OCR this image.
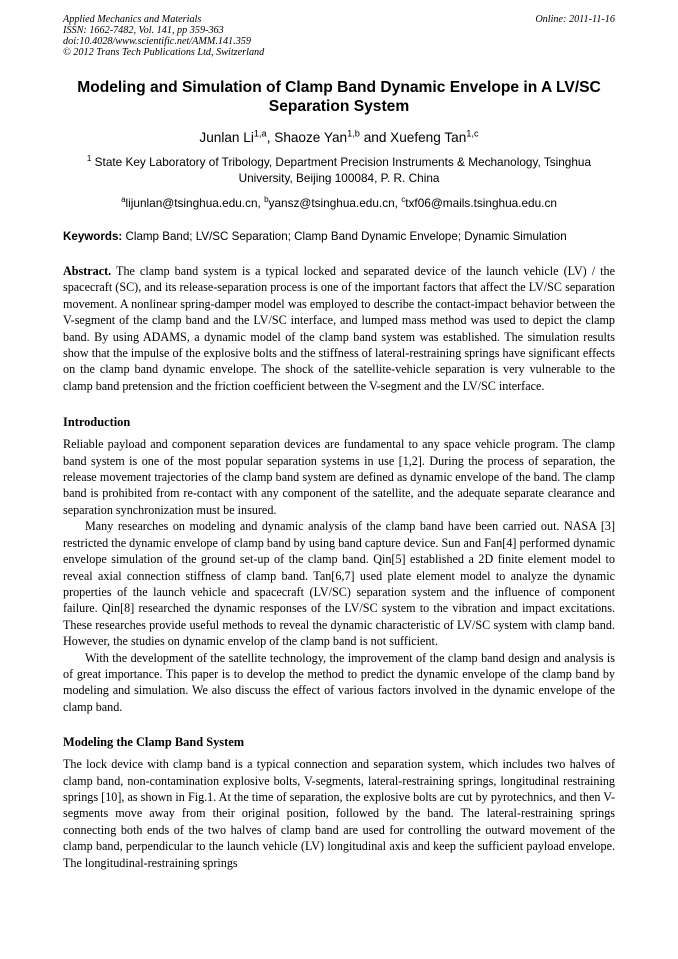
Applied Mechanics and Materials
ISSN: 1662-7482, Vol. 141, pp 359-363
doi:10.4028/www.scientific.net/AMM.141.359
© 2012 Trans Tech Publications Ltd, Switzerland
Online: 2011-11-16
Modeling and Simulation of Clamp Band Dynamic Envelope in A LV/SC Separation System
Junlan Li$^{1,a}$, Shaoze Yan$^{1,b}$ and Xuefeng Tan$^{1,c}$
$^1$ State Key Laboratory of Tribology, Department Precision Instruments & Mechanology, Tsinghua University, Beijing 100084, P. R. China
$^a$lijunlan@tsinghua.edu.cn, $^b$yansz@tsinghua.edu.cn, $^c$txf06@mails.tsinghua.edu.cn
Keywords: Clamp Band; LV/SC Separation; Clamp Band Dynamic Envelope; Dynamic Simulation
Abstract. The clamp band system is a typical locked and separated device of the launch vehicle (LV) / the spacecraft (SC), and its release-separation process is one of the important factors that affect the LV/SC separation movement. A nonlinear spring-damper model was employed to describe the contact-impact behavior between the V-segment of the clamp band and the LV/SC interface, and lumped mass method was used to depict the clamp band. By using ADAMS, a dynamic model of the clamp band system was established. The simulation results show that the impulse of the explosive bolts and the stiffness of lateral-restraining springs have significant effects on the clamp band dynamic envelope. The shock of the satellite-vehicle separation is very vulnerable to the clamp band pretension and the friction coefficient between the V-segment and the LV/SC interface.
Introduction

Reliable payload and component separation devices are fundamental to any space vehicle program. The clamp band system is one of the most popular separation systems in use [1,2]. During the process of separation, the release movement trajectories of the clamp band system are defined as dynamic envelope of the band. The clamp band is prohibited from re-contact with any component of the satellite, and the adequate separate clearance and separation synchronization must be insured.

Many researches on modeling and dynamic analysis of the clamp band have been carried out. NASA [3] restricted the dynamic envelope of clamp band by using band capture device. Sun and Fan[4] performed dynamic envelope simulation of the ground set-up of the clamp band. Qin[5] established a 2D finite element model to reveal axial connection stiffness of clamp band. Tan[6,7] used plate element model to analyze the dynamic properties of the launch vehicle and spacecraft (LV/SC) separation system and the influence of component failure. Qin[8] researched the dynamic responses of the LV/SC system to the vibration and impact excitations. These researches provide useful methods to reveal the dynamic characteristic of LV/SC system with clamp band. However, the studies on dynamic envelop of the clamp band is not sufficient.

With the development of the satellite technology, the improvement of the clamp band design and analysis is of great importance. This paper is to develop the method to predict the dynamic envelope of the clamp band by modeling and simulation. We also discuss the effect of various factors involved in the dynamic envelope of the clamp band.

Modeling the Clamp Band System

The lock device with clamp band is a typical connection and separation system, which includes two halves of clamp band, non-contamination explosive bolts, V-segments, lateral-restraining springs, longitudinal restraining springs [10], as shown in Fig.1. At the time of separation, the explosive bolts are cut by pyrotechnics, and then V-segments move away from their original position, followed by the band. The lateral-restraining springs connecting both ends of the two halves of clamp band are used for controlling the outward movement of the clamp band, perpendicular to the launch vehicle (LV) longitudinal axis and keep the sufficient payload envelope. The longitudinal-restraining springs
